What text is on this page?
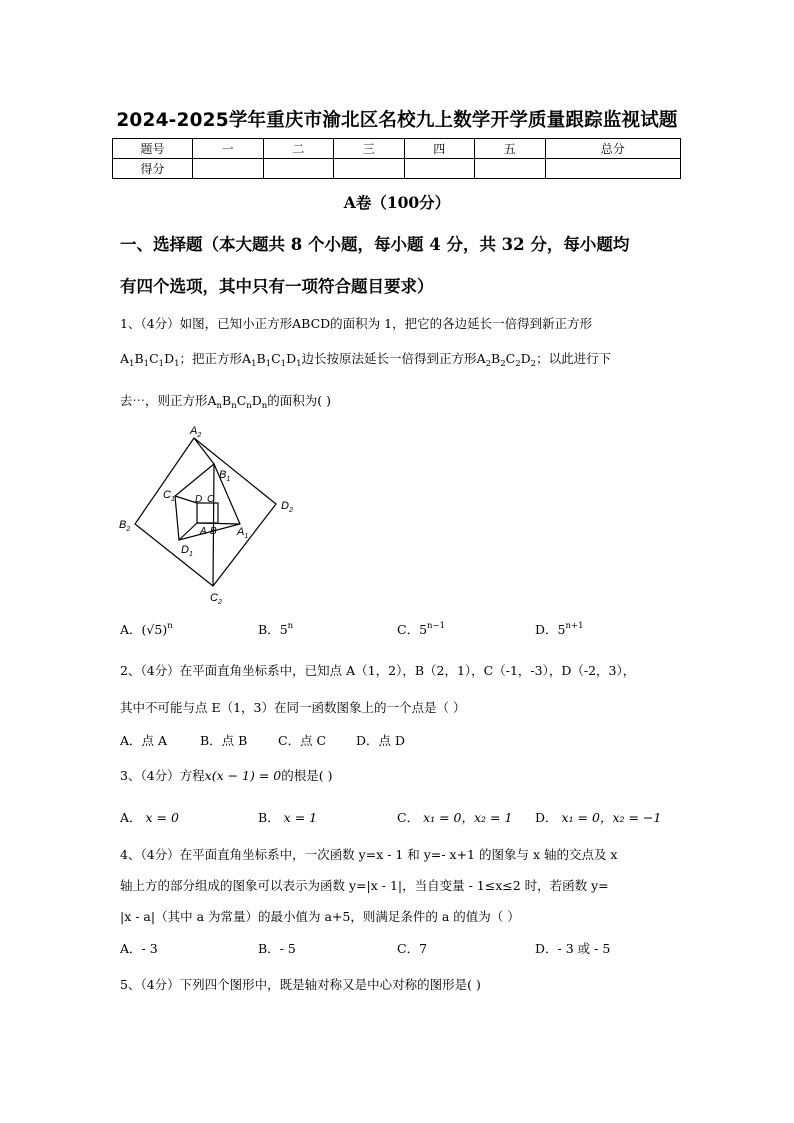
2024-2025学年重庆市渝北区名校九上数学开学质量跟踪监视试题
题号	一	二	三	四	五	总分
得分						
A卷（100分）
一、选择题（本大题共 8 个小题，每小题 4 分，共 32 分，每小题均
有四个选项，其中只有一项符合题目要求）
1、（4分）如图，已知小正方形ABCD的面积为 1，把它的各边延长一倍得到新正方形
$A_1B_1C_1D_1$；把正方形$A_1B_1C_1D_1$边长按原法延长一倍得到正方形$A_2B_2C_2D_2$；以此进行下
去⋯，则正方形$A_nB_nC_nD_n$的面积为( )
$A_2$
$B_1$
$C_1$
$D_2$
$B_2$	$A_1$
$D_1$
$C_2$
D C
A B
A．$(√5)^n$	B．5$^n$	C．$5^{n-1}$	D．$5^{n+1}$
2、（4分）在平面直角坐标系中，已知点 A（1，2），B（2，1），C（-1，-3），D（-2，3），
其中不可能与点 E（1，3）在同一函数图象上的一个点是（ ）
A．点 A	B．点 B C．点 C D．点 D
3、（4分）方程x(x − 1) = 0的根是( )
A． x = 0	B． x = 1	C． x₁ = 0，x₂ = 1 D． x₁ = 0，x₂ = −1
4、（4分）在平面直角坐标系中，一次函数 y=x - 1 和 y=- x+1 的图象与 x 轴的交点及 x
轴上方的部分组成的图象可以表示为函数 y=|x - 1|，当自变量 - 1≤x≤2 时，若函数 y=
|x - a|（其中 a 为常量）的最小值为 a+5，则满足条件的 a 的值为（ ）
A．- 3	B．- 5	C．7	D．- 3 或 - 5
5、（4分）下列四个图形中，既是轴对称又是中心对称的图形是( )
